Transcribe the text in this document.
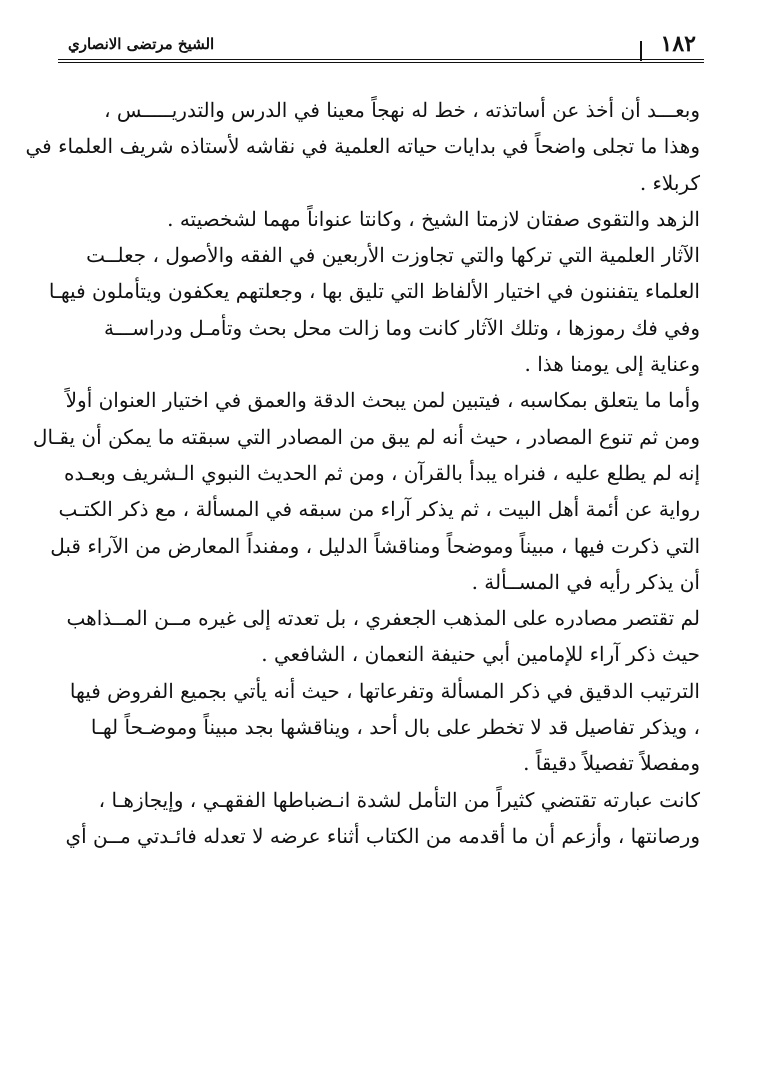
الشيخ مرتضى الانصاري	١٨٢

وبعـــد أن أخذ عن أساتذته ، خط له نهجاً معينا في الدرس والتدريـــــس ،
وهذا ما تجلى واضحاً في بدايات حياته العلمية في نقاشه لأستاذه شريف العلماء في
كربلاء .

الزهد والتقوى صفتان لازمتا الشيخ ، وكانتا عنواناً مهما لشخصيته .

الآثار العلمية التي تركها والتي تجاوزت الأربعين في الفقه والأصول ، جعلــت
العلماء يتفننون في اختيار الألفاظ التي تليق بها ، وجعلتهم يعكفون ويتأملون فيهـا
وفي فك رموزها ، وتلك الآثار كانت وما زالت محل بحث وتأمـل ودراســـة
وعناية إلى يومنا هذا .

وأما ما يتعلق بمكاسبه ، فيتبين لمن يبحث الدقة والعمق في اختيار العنوان أولاً
ومن ثم تنوع المصادر ، حيث أنه لم يبق من المصادر التي سبقته ما يمكن أن يقـال
إنه لم يطلع عليه ، فنراه يبدأ بالقرآن ، ومن ثم الحديث النبوي الـشريف وبعـده
رواية عن أئمة أهل البيت ، ثم يذكر آراء من سبقه في المسألة ، مع ذكر الكتـب
التي ذكرت فيها ، مبيناً وموضحاً ومناقشاً الدليل ، ومفنداً المعارض من الآراء قبل
أن يذكر رأيه في المســألة .

لم تقتصر مصادره على المذهب الجعفري ، بل تعدته إلى غيره مــن المــذاهب
حيث ذكر آراء للإمامين أبي حنيفة النعمان ، الشافعي .

الترتيب الدقيق في ذكر المسألة وتفرعاتها ، حيث أنه يأتي بجميع الفروض فيها
، ويذكر تفاصيل قد لا تخطر على بال أحد ، ويناقشها بجد مبيناً وموضـحاً لهـا
ومفصلاً تفصيلاً دقيقاً .

كانت عبارته تقتضي كثيراً من التأمل لشدة انـضباطها الفقهـي ، وإيجازهـا ،
ورصانتها ، وأزعم أن ما أقدمه من الكتاب أثناء عرضه لا تعدله فائـدتي مــن أي
